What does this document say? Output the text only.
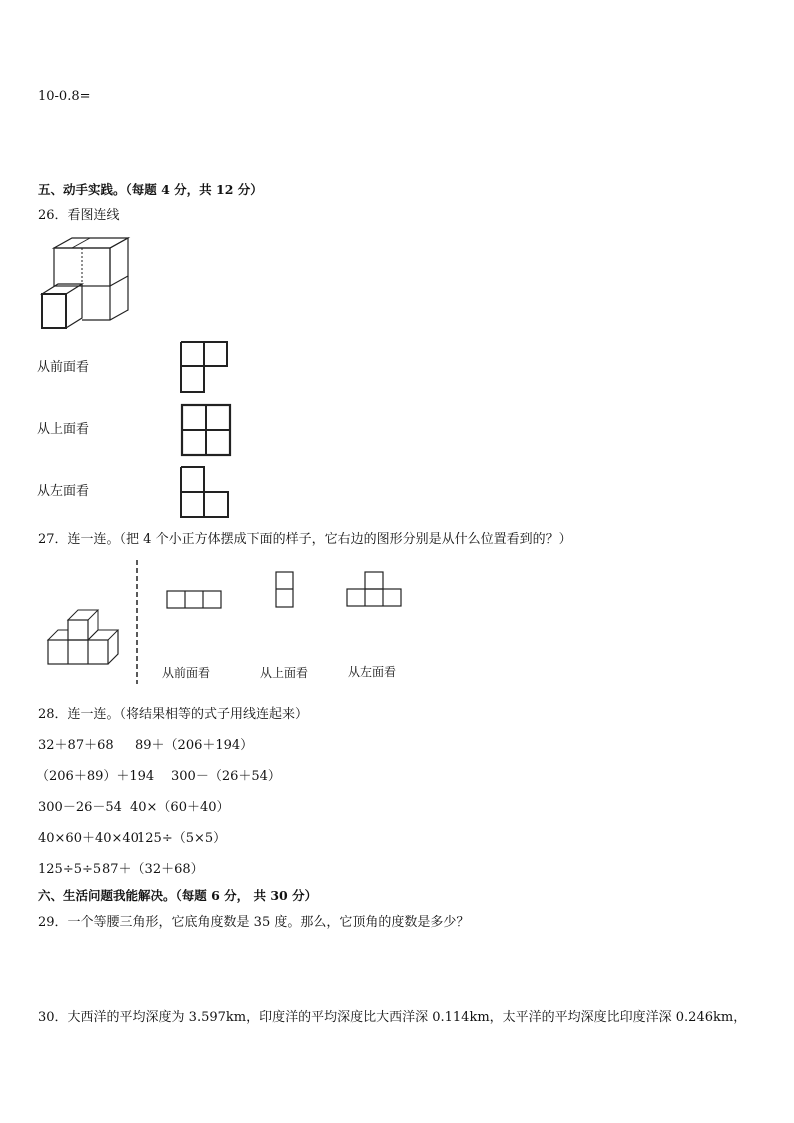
10-0.8=
五、动手实践。（每题 4 分，共 12 分）
26．看图连线
从前面看
从上面看
从左面看
27．连一连。（把 4 个小正方体摆成下面的样子，它右边的图形分别是从什么位置看到的？）
从前面看	从上面看	从左面看
28．连一连。（将结果相等的式子用线连起来）
32＋87＋68 89＋（206＋194）
（206＋89）＋194 300－（26＋54）
300－26－54 40×（60＋40）
40×60＋40×40
125÷（5×5）
125÷5÷5 87＋（32＋68）
六、生活问题我能解决。（每题 6 分， 共 30 分）
29．一个等腰三角形，它底角度数是 35 度。那么，它顶角的度数是多少？
30．大西洋的平均深度为 3.597km，印度洋的平均深度比大西洋深 0.114km，太平洋的平均深度比印度洋深 0.246km，
